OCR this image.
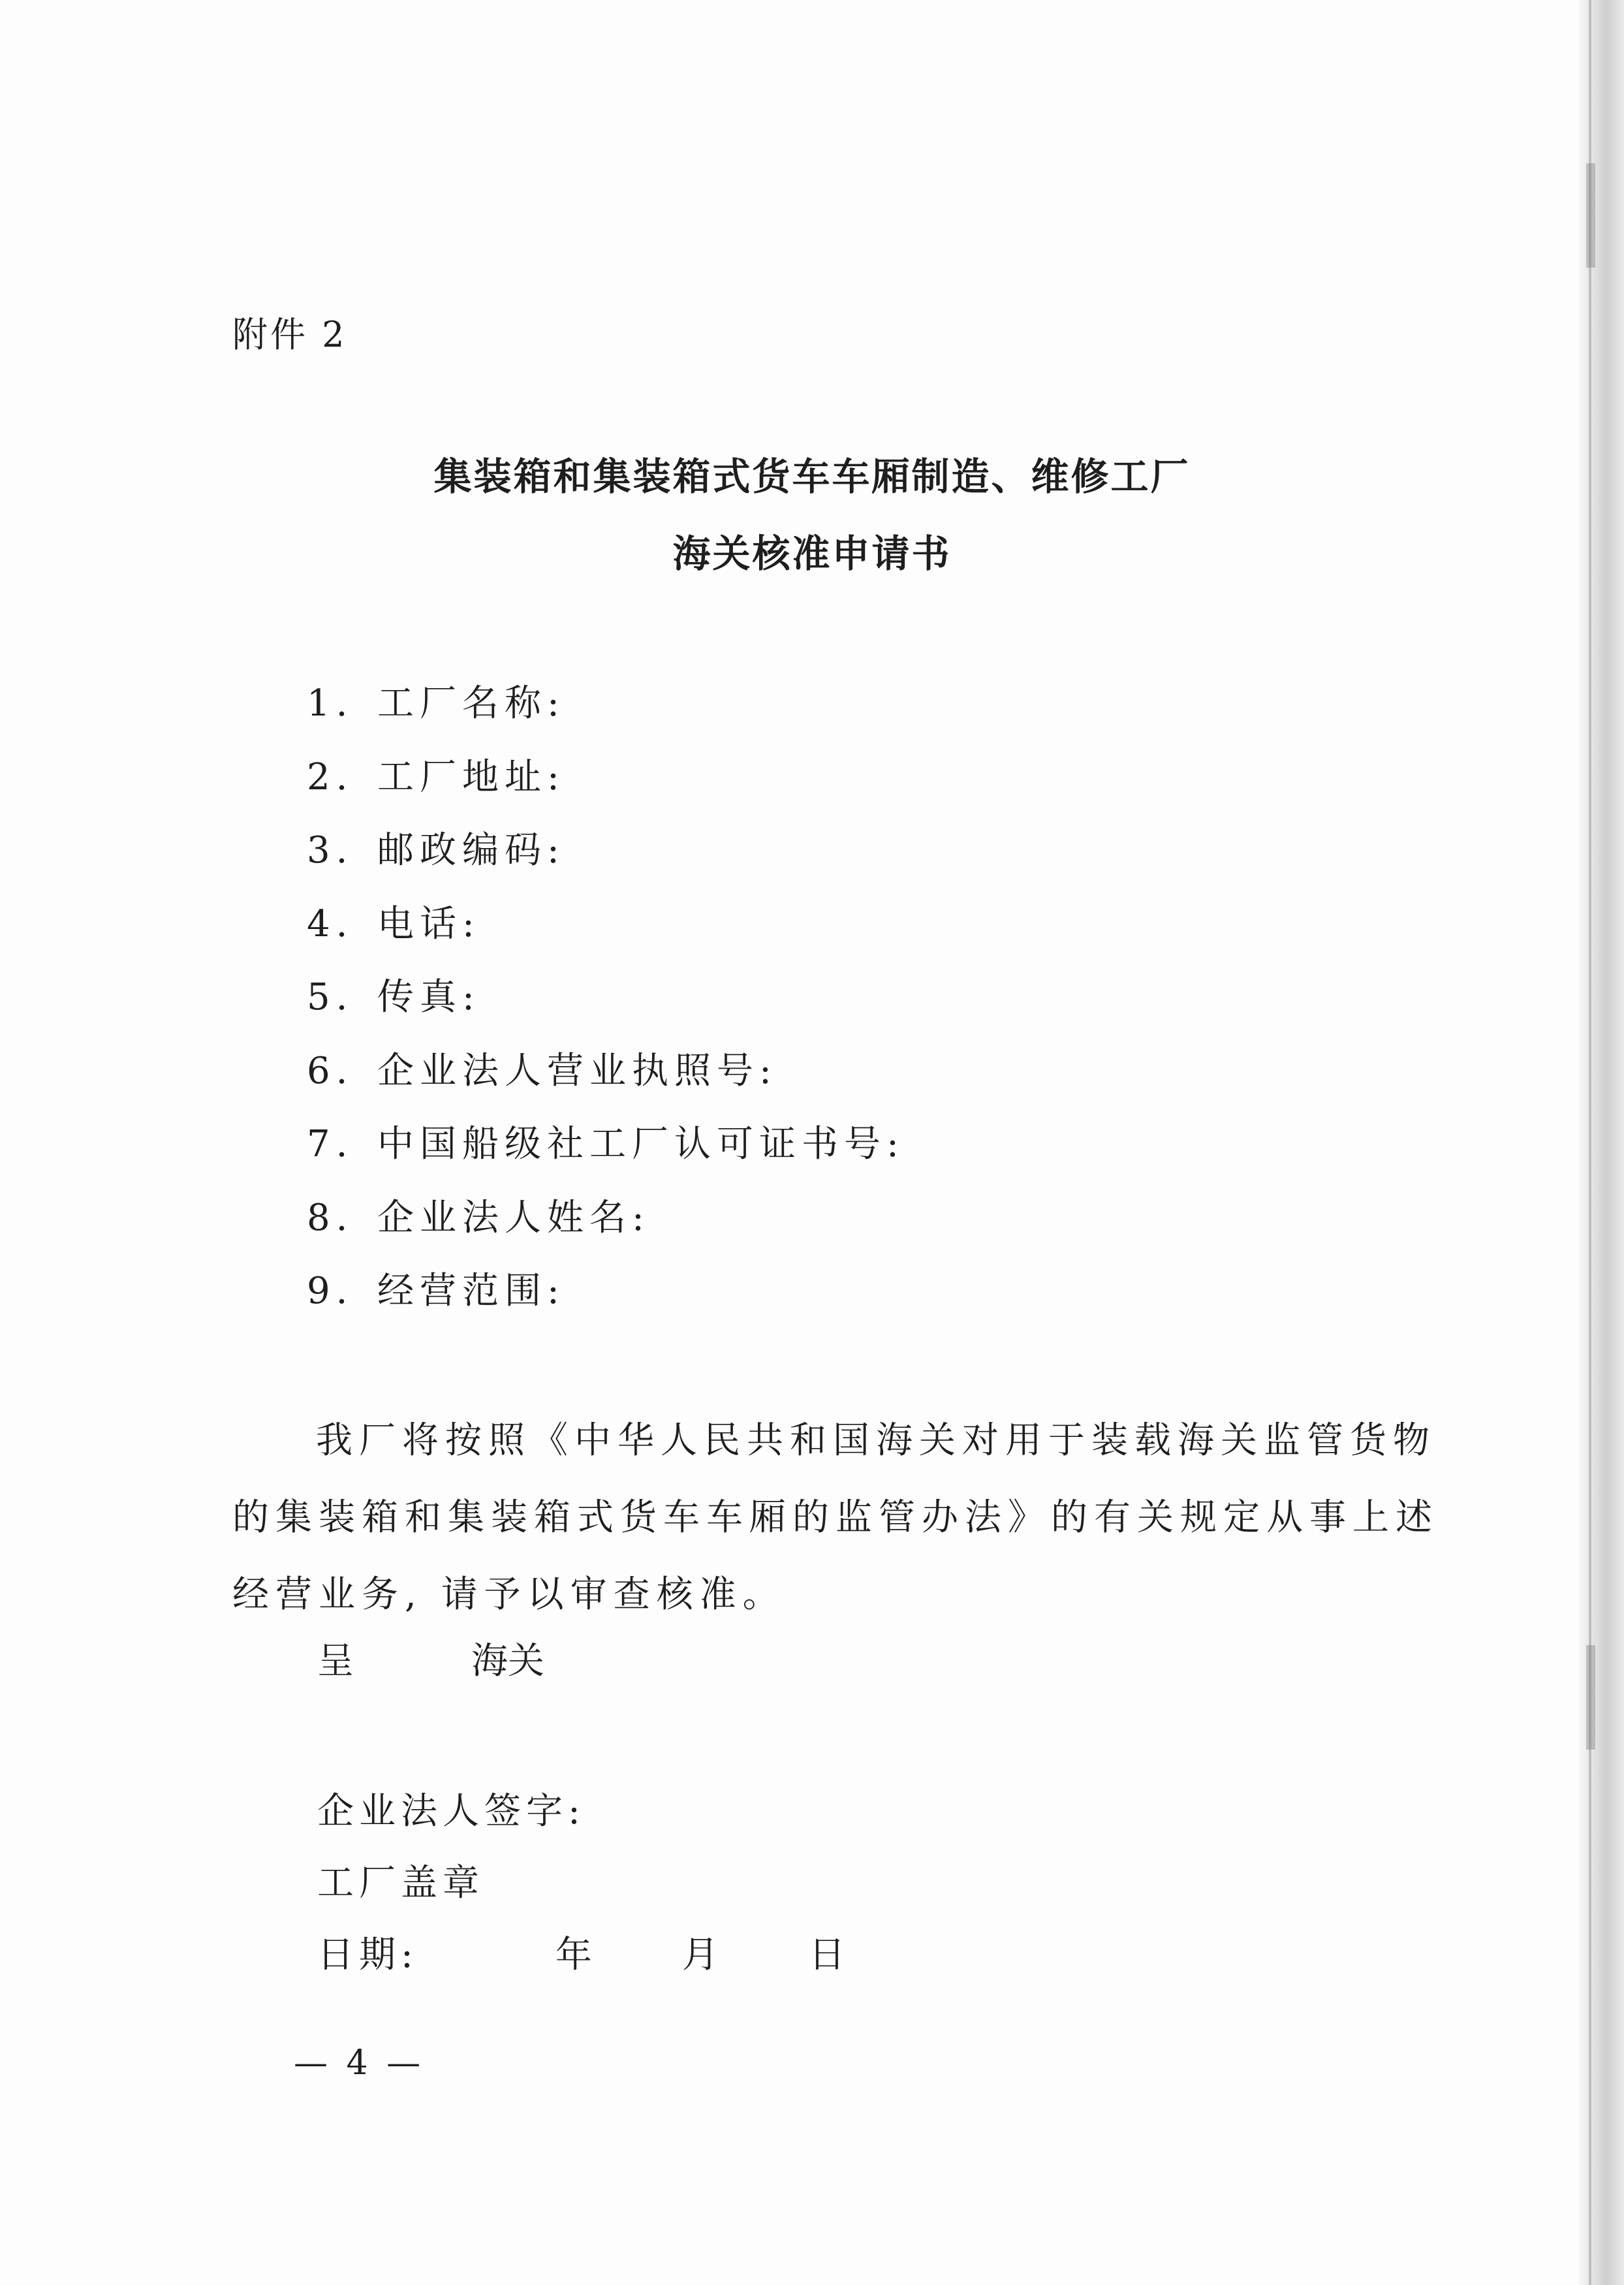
附件 2
集装箱和集装箱式货车车厢制造、维修工厂
海关核准申请书
1. 工厂名称:
2. 工厂地址:
3. 邮政编码:
4. 电话:
5. 传真:
6. 企业法人营业执照号:
7. 中国船级社工厂认可证书号:
8. 企业法人姓名:
9. 经营范围:
我厂将按照《中华人民共和国海关对用于装载海关监管货物
的集装箱和集装箱式货车车厢的监管办法》的有关规定从事上述
经营业务, 请予以审查核准。
呈	海关
企业法人签字:
工厂盖章
日期:	年 月 日
— 4 —
